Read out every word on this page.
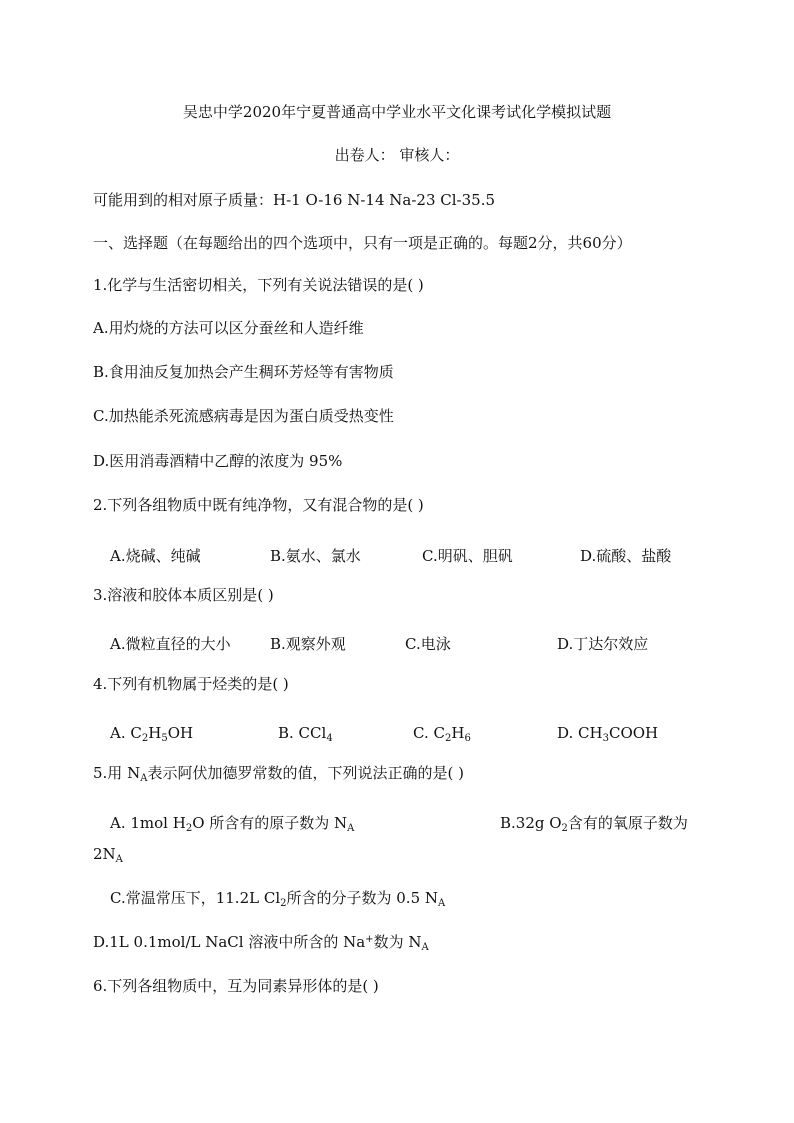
吴忠中学2020年宁夏普通高中学业水平文化课考试化学模拟试题
出卷人： 审核人：
可能用到的相对原子质量：H-1 O-16 N-14 Na-23 Cl-35.5
一、选择题（在每题给出的四个选项中，只有一项是正确的。每题2分，共60分）
1.化学与生活密切相关，下列有关说法错误的是( )
A.用灼烧的方法可以区分蚕丝和人造纤维
B.食用油反复加热会产生稠环芳烃等有害物质
C.加热能杀死流感病毒是因为蛋白质受热变性
D.医用消毒酒精中乙醇的浓度为 95%
2.下列各组物质中既有纯净物，又有混合物的是( )
A.烧碱、纯碱	B.氨水、氯水	C.明矾、胆矾	D.硫酸、盐酸
3.溶液和胶体本质区别是( )
A.微粒直径的大小	B.观察外观	C.电泳	D.丁达尔效应
4.下列有机物属于烃类的是( )
A. $C_2H_5OH$	B. CCl$_4$	C. $C_2H_6$	D. $CH_3COOH$
5.用 $N_A$表示阿伏加德罗常数的值，下列说法正确的是( )
A. 1mol $H_2O$ 所含有的原子数为 $N_A$	B.32g $O_2$含有的氧原子数为
$2N_A$
C.常温常压下，11.2L $Cl_2$所含的分子数为 0.5 $N_A$
D.1L 0.1mol/L NaCl 溶液中所含的 Na+数为 $N_A$
6.下列各组物质中，互为同素异形体的是( )
